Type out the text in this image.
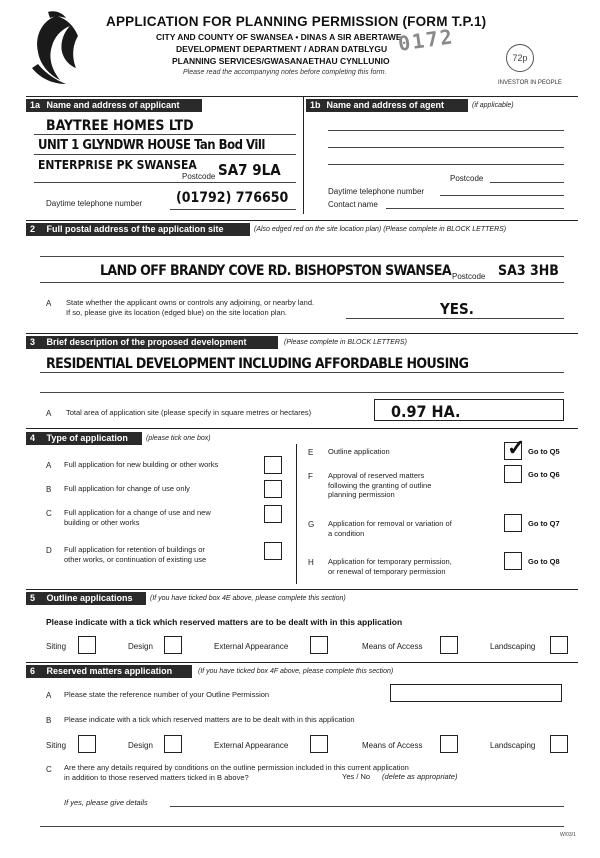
APPLICATION FOR PLANNING PERMISSION (FORM T.P.1)
CITY AND COUNTY OF SWANSEA • DINAS A SIR ABERTAWE
DEVELOPMENT DEPARTMENT / ADRAN DATBLYGU
PLANNING SERVICES/GWASANAETHAU CYNLLUNIO
Please read the accompanying notes before completing this form.
0172
72p
INVESTOR IN PEOPLE
1a Name and address of applicant
BAYTREE HOMES LTD
UNIT 1 GLYNDWR HOUSE Tan Bod Vill
ENTERPRISE PK SWANSEA
Postcode SA7 9LA
Daytime telephone number (01792) 776650
1b Name and address of agent	(if applicable)
Postcode
Daytime telephone number
Contact name
2 Full postal address of the application site	(Also edged red on the site location plan) (Please complete in BLOCK LETTERS)
LAND OFF BRANDY COVE RD. BISHOPSTON SWANSEA Postcode SA3 3HB
A State whether the applicant owns or controls any adjoining, or nearby land.
If so, please give its location (edged blue) on the site location plan.	YES.
3 Brief description of the proposed development	(Please complete in BLOCK LETTERS)
RESIDENTIAL DEVELOPMENT INCLUDING AFFORDABLE HOUSING
A Total area of application site (please specify in square metres or hectares)	0.97 HA.
4 Type of application	(please tick one box)
A Full application for new building or other works
B Full application for change of use only
C Full application for a change of use and new
building or other works
D Full application for retention of buildings or
other works, or continuation of existing use
E Outline application	✓ Go to Q5
F Approval of reserved matters
following the granting of outline
planning permission
Go to Q6
G Application for removal or variation of
a condition
Go to Q7
H Application for temporary permission,
or renewal of temporary permission
Go to Q8
5 Outline applications	(If you have ticked box 4E above, please complete this section)
Please indicate with a tick which reserved matters are to be dealt with in this application
Siting	Design	External Appearance	Means of Access	Landscaping
6 Reserved matters application	(If you have ticked box 4F above, please complete this section)
A Please state the reference number of your Outline Permission
B Please indicate with a tick which reserved matters are to be dealt with in this application
Siting	Design	External Appearance	Means of Access	Landscaping
C Are there any details required by conditions on the outline permission included in this current application
in addition to those reserved matters ticked in B above?	Yes / No (delete as appropriate)
If yes, please give details
W/03/1
